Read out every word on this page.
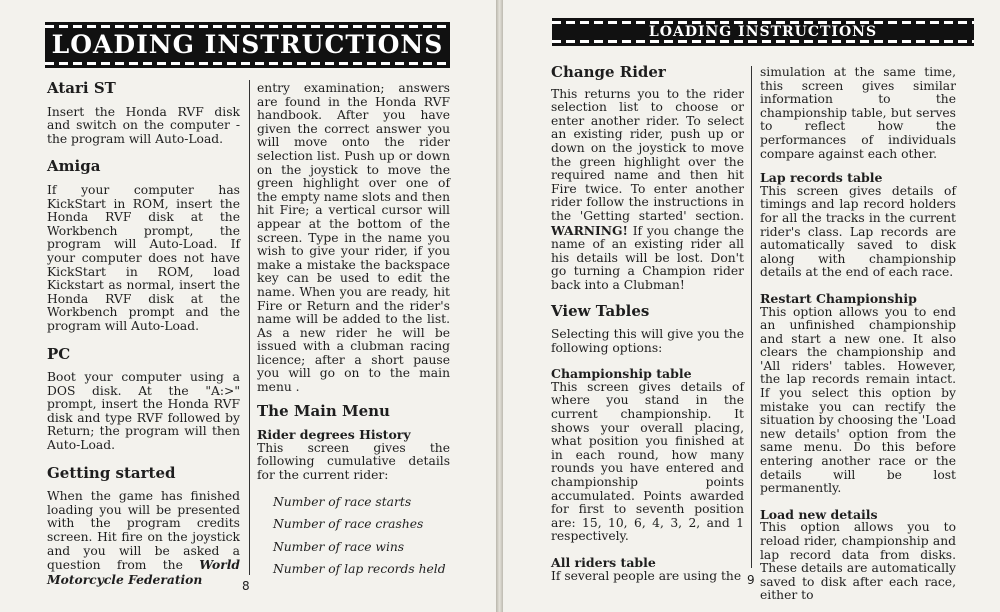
LOADING INSTRUCTIONS

Atari ST

Insert the Honda RVF disk and switch on the computer - the program will Auto-Load.

Amiga

If your computer has KickStart in ROM, insert the Honda RVF disk at the Workbench prompt, the program will Auto-Load. If your computer does not have KickStart in ROM, load Kickstart as normal, insert the Honda RVF disk at the Workbench prompt and the program will Auto-Load.

PC

Boot your computer using a DOS disk. At the "A:>" prompt, insert the Honda RVF disk and type RVF followed by Return; the program will then Auto-Load.

Getting started

When the game has finished loading you will be presented with the program credits screen. Hit fire on the joystick and you will be asked a question from the World Motorcycle Federation

entry examination; answers are found in the Honda RVF handbook. After you have given the correct answer you will move onto the rider selection list. Push up or down on the joystick to move the green highlight over one of the empty name slots and then hit Fire; a vertical cursor will appear at the bottom of the screen. Type in the name you wish to give your rider, if you make a mistake the backspace key can be used to edit the name. When you are ready, hit Fire or Return and the rider's name will be added to the list. As a new rider he will be issued with a clubman racing licence; after a short pause you will go on to the main menu .

The Main Menu

Rider degrees History

This screen gives the following cumulative details for the current rider:

Number of race starts

Number of race crashes

Number of race wins

Number of lap records held

8
LOADING INSTRUCTIONS

Change Rider

This returns you to the rider selection list to choose or enter another rider. To select an existing rider, push up or down on the joystick to move the green highlight over the required name and then hit Fire twice. To enter another rider follow the instructions in the 'Getting started' section. WARNING! If you change the name of an existing rider all his details will be lost. Don't go turning a Champion rider back into a Clubman!

View Tables

Selecting this will give you the following options:

Championship table

This screen gives details of where you stand in the current championship. It shows your overall placing, what position you finished at in each round, how many rounds you have entered and championship points accumulated. Points awarded for first to seventh position are: 15, 10, 6, 4, 3, 2, and 1 respectively.

All riders table

If several people are using the

simulation at the same time, this screen gives similar information to the championship table, but serves to reflect how the performances of individuals compare against each other.

Lap records table

This screen gives details of timings and lap record holders for all the tracks in the current rider's class. Lap records are automatically saved to disk along with championship details at the end of each race.

Restart Championship

This option allows you to end an unfinished championship and start a new one. It also clears the championship and 'All riders' tables. However, the lap records remain intact. If you select this option by mistake you can rectify the situation by choosing the 'Load new details' option from the same menu. Do this before entering another race or the details will be lost permanently.

Load new details

This option allows you to reload rider, championship and lap record data from disks. These details are automatically saved to disk after each race, either to

9
